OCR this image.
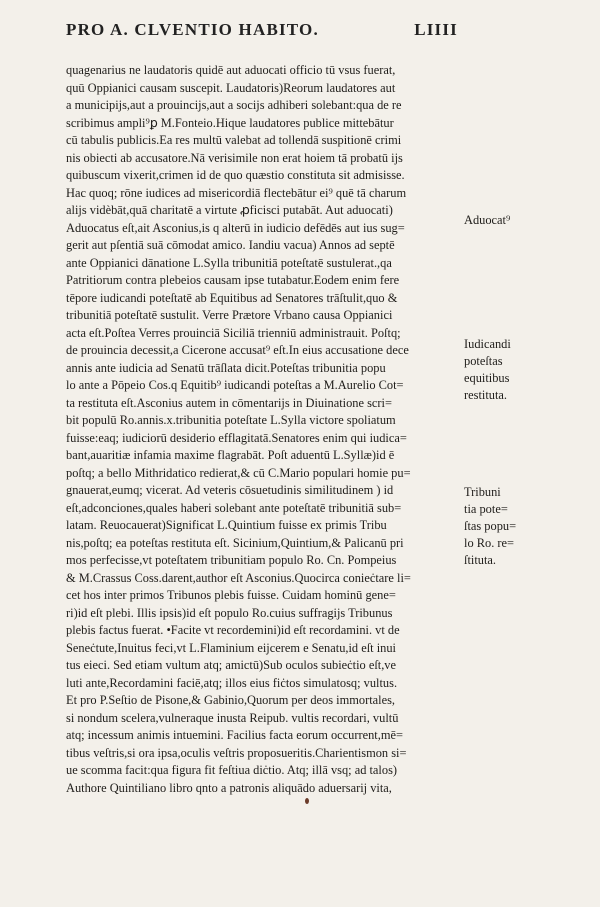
PRO A. CLVENTIO HABITO.	LIIII
quagenarius ne laudatoris quidē aut aduocati officio tū vsus fuerat,
quū Oppianici causam suscepit. Laudatoris)Reorum laudatores aut
a municipijs,aut a prouincijs,aut a socijs adhiberi solebant:qua de re
scribimus ampli⁹ꝑ M.Fonteio.Hique laudatores publice mittebātur
cū tabulis publicis.Ea res multū valebat ad tollendā suspitionē crimi
nis obiecti ab accusatore.Nā verisimile non erat hoiem tā probatū ijs
quibuscum vixerit,crimen id de quo quæstio constituta sit admisisse.
Hac quoq; rōne iudices ad misericordiā flectebātur ei⁹ quē tā charum
alijs vidèbāt,quā charitatē a virtute ꝓficisci putabāt. Aut aduocati)
Aduocatus eſt,ait Asconius,is q alterū in iudicio defēdēs aut ius sug=
gerit aut pſentiā suā cōmodat amico. Iandiu vacua) Annos ad septē
ante Oppianici dānatione L.Sylla tribunitiā poteſtatē sustulerat.,qa
Patritiorum contra plebeios causam ipse tutabatur.Eodem enim fere
tēpore iudicandi poteſtatē ab Equitibus ad Senatores trāſtulit,quo &
tribunitiā poteſtatē sustulit. Verre Prætore Vrbano causa Oppianici
acta eſt.Poſtea Verres prouinciā Siciliā trienniū administrauit. Poſtq;
de prouincia decessit,a Cicerone accusat⁹ eſt.In eius accusatione dece
annis ante iudicia ad Senatū trāſlata dicit.Poteſtas tribunitia popu
lo ante a Pōpeio Cos.q Equitib⁹ iudicandi poteſtas a M.Aurelio Cot=
ta restituta eſt.Asconius autem in cōmentarijs in Diuinatione scri=
bit populū Ro.annis.x.tribunitia poteſtate L.Sylla victore spoliatum
fuisse:eaq; iudiciorū desiderio efflagitatā.Senatores enim qui iudica=
bant,auaritiæ infamia maxime flagrabāt. Poſt aduentū L.Syllæ)id ē
poſtq; a bello Mithridatico redierat,& cū C.Mario populari homie pu=
gnauerat,eumq; vicerat. Ad veteris cōsuetudinis similitudinem ) id
eſt,adconciones,quales haberi solebant ante poteſtatē tribunitiā sub=
latam. Reuocauerat)Significat L.Quintium fuisse ex primis Tribu
nis,poſtq; ea poteſtas restituta eſt. Sicinium,Quintium,& Palicanū pri
mos perfecisse,vt poteſtatem tribunitiam populo Ro. Cn. Pompeius
& M.Crassus Coss.darent,author eſt Asconius.Quocirca conieċtare li=
cet hos inter primos Tribunos plebis fuisse. Cuidam hominū gene=
ri)id eſt plebi. Illis ipsis)id eſt populo Ro.cuius suffragijs Tribunus
plebis factus fuerat. •Facite vt recordemini)id eſt recordamini. vt de
Seneċtute,Inuitus feci,vt L.Flaminium eijcerem e Senatu,id eſt inui
tus eieci. Sed etiam vultum atq; amictū)Sub oculos subieċtio eſt,ve
luti ante,Recordamini faciē,atq; illos eius fiċtos simulatosq; vultus.
Et pro P.Seſtio de Pisone,& Gabinio,Quorum per deos immortales,
si nondum scelera,vulneraque inusta Reipub. vultis recordari, vultū
atq; incessum animis intuemini. Facilius facta eorum occurrent,mē=
tibus veſtris,si ora ipsa,oculis veſtris proposueritis.Charientismon si=
ue scomma facit:qua figura fit feſtiua diċtio. Atq; illā vsq; ad talos)
Authore Quintiliano libro qnto a patronis aliquādo aduersarij vita,
Aduocat⁹
Iudicandi
poteſtas
equitibus
restituta.
Tribuni
tia pote=
ſtas popu=
lo Ro. re=
ſtituta.
